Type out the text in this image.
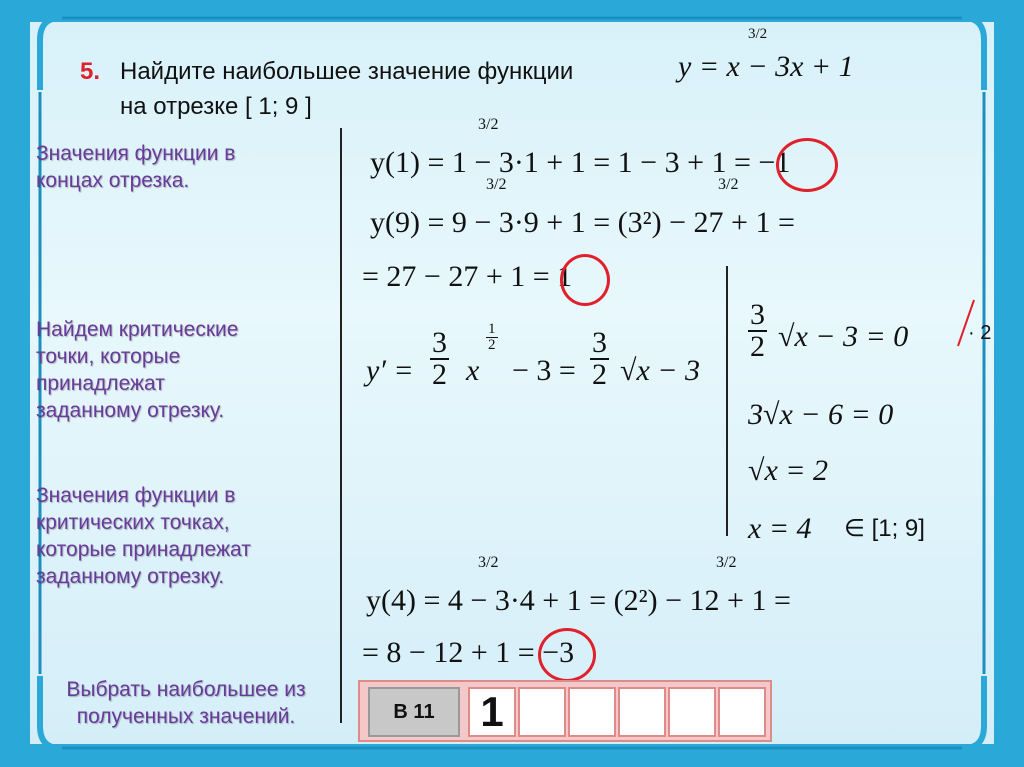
5. Найдите наибольшее значение функции
на отрезке [ 1; 9 ]
y = x − 3x + 1
3/2
Значения функции в
концах отрезка.
Найдем критические
точки, которые
принадлежат
заданному отрезку.
Значения функции в
критических точках,
которые принадлежат
заданному отрезку.
Выбрать наибольшее из
полученных значений.
y(1) = 1 − 3·1 + 1 = 1 − 3 + 1 = −1
3/2
y(9) = 9 − 3·9 + 1 = (3²) − 27 + 1 =
3/2	3/2
= 27 − 27 + 1 = 1
$y' = \frac{3}{2}$ x
$\frac{1}{2}$
− $3 = \frac{3}{2} √x - 3$
$\frac{3}{2} √x - 3 = 0$	· 2
3√x − 6 = 0
√x = 2
x = 4 ∈ [1; 9]
y(4) = 4 − 3·4 + 1 = (2²) − 12 + 1 =
3/2	3/2
= 8 − 12 + 1 = −3
В 11	1
